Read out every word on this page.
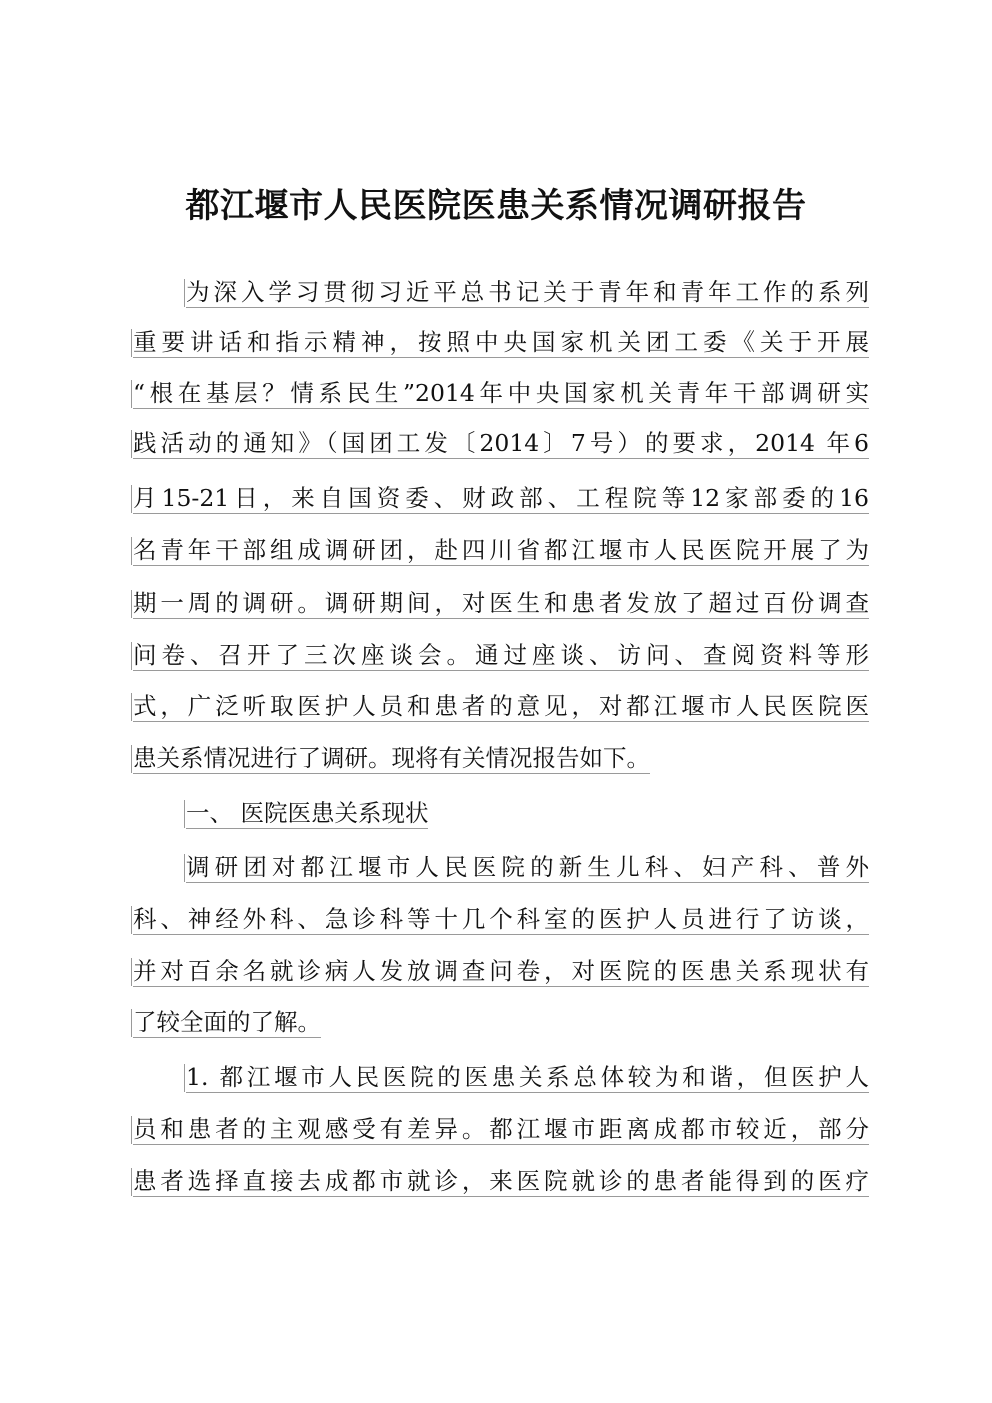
都江堰市人民医院医患关系情况调研报告
为深入学习贯彻习近平总书记关于青年和青年工作的系列
重要讲话和指示精神，按照中央国家机关团工委《关于开展
“根在基层？情系民生”2014年中央国家机关青年干部调研实
践活动的通知》（国团工发〔2014〕7号）的要求，2014 年6
月15-21日，来自国资委、财政部、工程院等12家部委的16
名青年干部组成调研团，赴四川省都江堰市人民医院开展了为
期一周的调研。调研期间，对医生和患者发放了超过百份调查
问卷、召开了三次座谈会。通过座谈、访问、查阅资料等形
式，广泛听取医护人员和患者的意见，对都江堰市人民医院医
患关系情况进行了调研。现将有关情况报告如下。
一、 医院医患关系现状
调研团对都江堰市人民医院的新生儿科、妇产科、普外
科、神经外科、急诊科等十几个科室的医护人员进行了访谈，
并对百余名就诊病人发放调查问卷，对医院的医患关系现状有
了较全面的了解。
1. 都江堰市人民医院的医患关系总体较为和谐，但医护人
员和患者的主观感受有差异。都江堰市距离成都市较近，部分
患者选择直接去成都市就诊，来医院就诊的患者能得到的医疗
